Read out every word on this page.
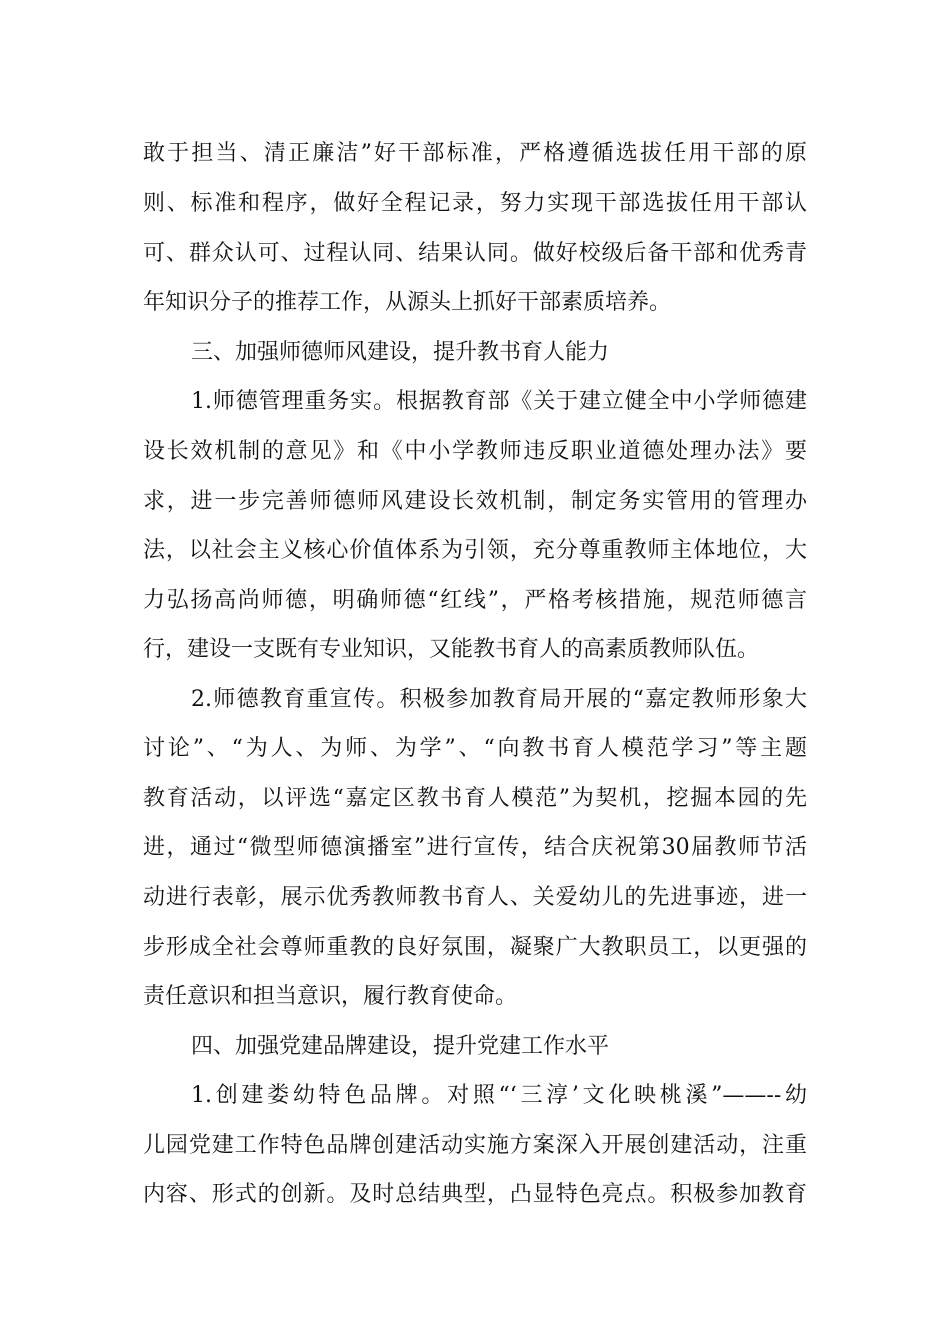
敢于担当、清正廉洁”好干部标准，严格遵循选拔任用干部的原
则、标准和程序，做好全程记录，努力实现干部选拔任用干部认
可、群众认可、过程认同、结果认同。做好校级后备干部和优秀青
年知识分子的推荐工作，从源头上抓好干部素质培养。
三、加强师德师风建设，提升教书育人能力
1.师德管理重务实。根据教育部《关于建立健全中小学师德建
设长效机制的意见》和《中小学教师违反职业道德处理办法》要
求，进一步完善师德师风建设长效机制，制定务实管用的管理办
法，以社会主义核心价值体系为引领，充分尊重教师主体地位，大
力弘扬高尚师德，明确师德“红线”，严格考核措施，规范师德言
行，建设一支既有专业知识，又能教书育人的高素质教师队伍。
2.师德教育重宣传。积极参加教育局开展的“嘉定教师形象大
讨论”、“为人、为师、为学”、“向教书育人模范学习”等主题
教育活动，以评选“嘉定区教书育人模范”为契机，挖掘本园的先
进，通过“微型师德演播室”进行宣传，结合庆祝第30届教师节活
动进行表彰，展示优秀教师教书育人、关爱幼儿的先进事迹，进一
步形成全社会尊师重教的良好氛围，凝聚广大教职员工，以更强的
责任意识和担当意识，履行教育使命。
四、加强党建品牌建设，提升党建工作水平
1.创建娄幼特色品牌。对照“‘三淳’文化映桃溪”——--幼
儿园党建工作特色品牌创建活动实施方案深入开展创建活动，注重
内容、形式的创新。及时总结典型，凸显特色亮点。积极参加教育
